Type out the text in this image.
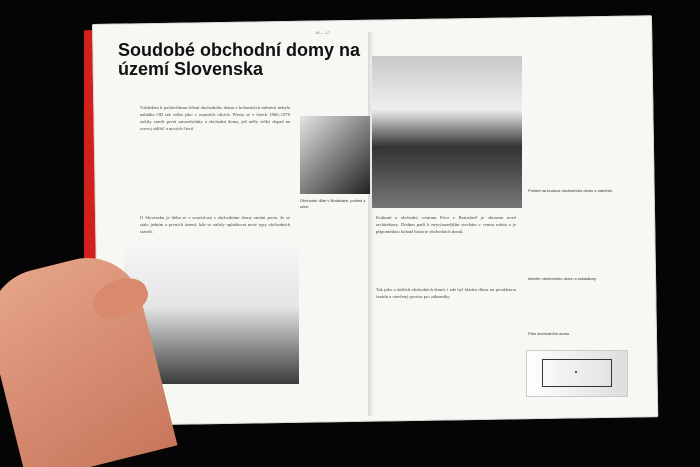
16 — 17
Soudobé obchodní domy na území Slovenska
Vzhledem k počátečnímu řešení obchodního domu v hořanských městech nebyla nabídka OD tak velká jako v ostatních obcích. Přesto se v letech 1960–1970 začaly stavět první samoobsluhy a obchodní domy, jež měly velký dopad na rozvoj sídlišť a nových čtvrtí.
O Slovensku je třeba se v souvislosti s obchodními domy zmínit proto, že se stalo jedním z prvních území, kde se začaly uplatňovat nové typy obchodních staveb.
Obchodní dům v Bratislavě, pohled z ulice.
Kulturní a obchodní centrum Prior v Bratislavě je obrazem nové architektury. Dodnes patří k nejvýraznějším stavbám v centru města a je připomínkou bohaté historie obchodních domů.
Tak jako u dalších obchodních domů, i zde byl kladen důraz na prosklenou fasádu a otevřený prostor pro zákazníky.
Pohled na budovu obchodního domu z náměstí.
Interiér obchodního domu s eskalátory.
Plán obchodního domu.
